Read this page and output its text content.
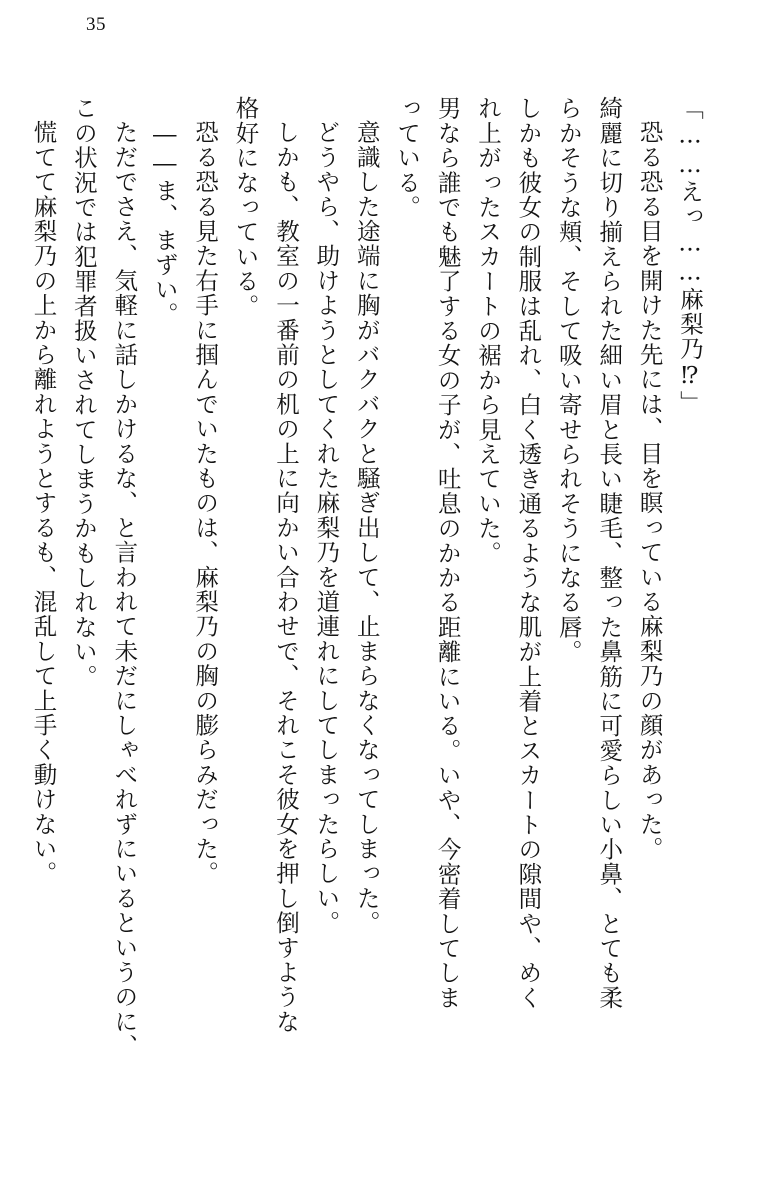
35

「……えっ……麻梨乃⁉」

恐る恐る目を開けた先には、目を瞑っている麻梨乃の顔があった。

綺麗に切り揃えられた細い眉と長い睫毛、整った鼻筋に可愛らしい小鼻、とても柔

らかそうな頬、そして吸い寄せられそうになる唇。

しかも彼女の制服は乱れ、白く透き通るような肌が上着とスカートの隙間や、めく

れ上がったスカートの裾から見えていた。

男なら誰でも魅了する女の子が、吐息のかかる距離にいる。いや、今密着してしま

っている。

意識した途端に胸がバクバクと騒ぎ出して、止まらなくなってしまった。

どうやら、助けようとしてくれた麻梨乃を道連れにしてしまったらしい。

しかも、教室の一番前の机の上に向かい合わせで、それこそ彼女を押し倒すような

格好になっている。

恐る恐る見た右手に掴んでいたものは、麻梨乃の胸の膨らみだった。

――ま、まずい。

ただでさえ、気軽に話しかけるな、と言われて未だにしゃべれずにいるというのに、

この状況では犯罪者扱いされてしまうかもしれない。

慌てて麻梨乃の上から離れようとするも、混乱して上手く動けない。
